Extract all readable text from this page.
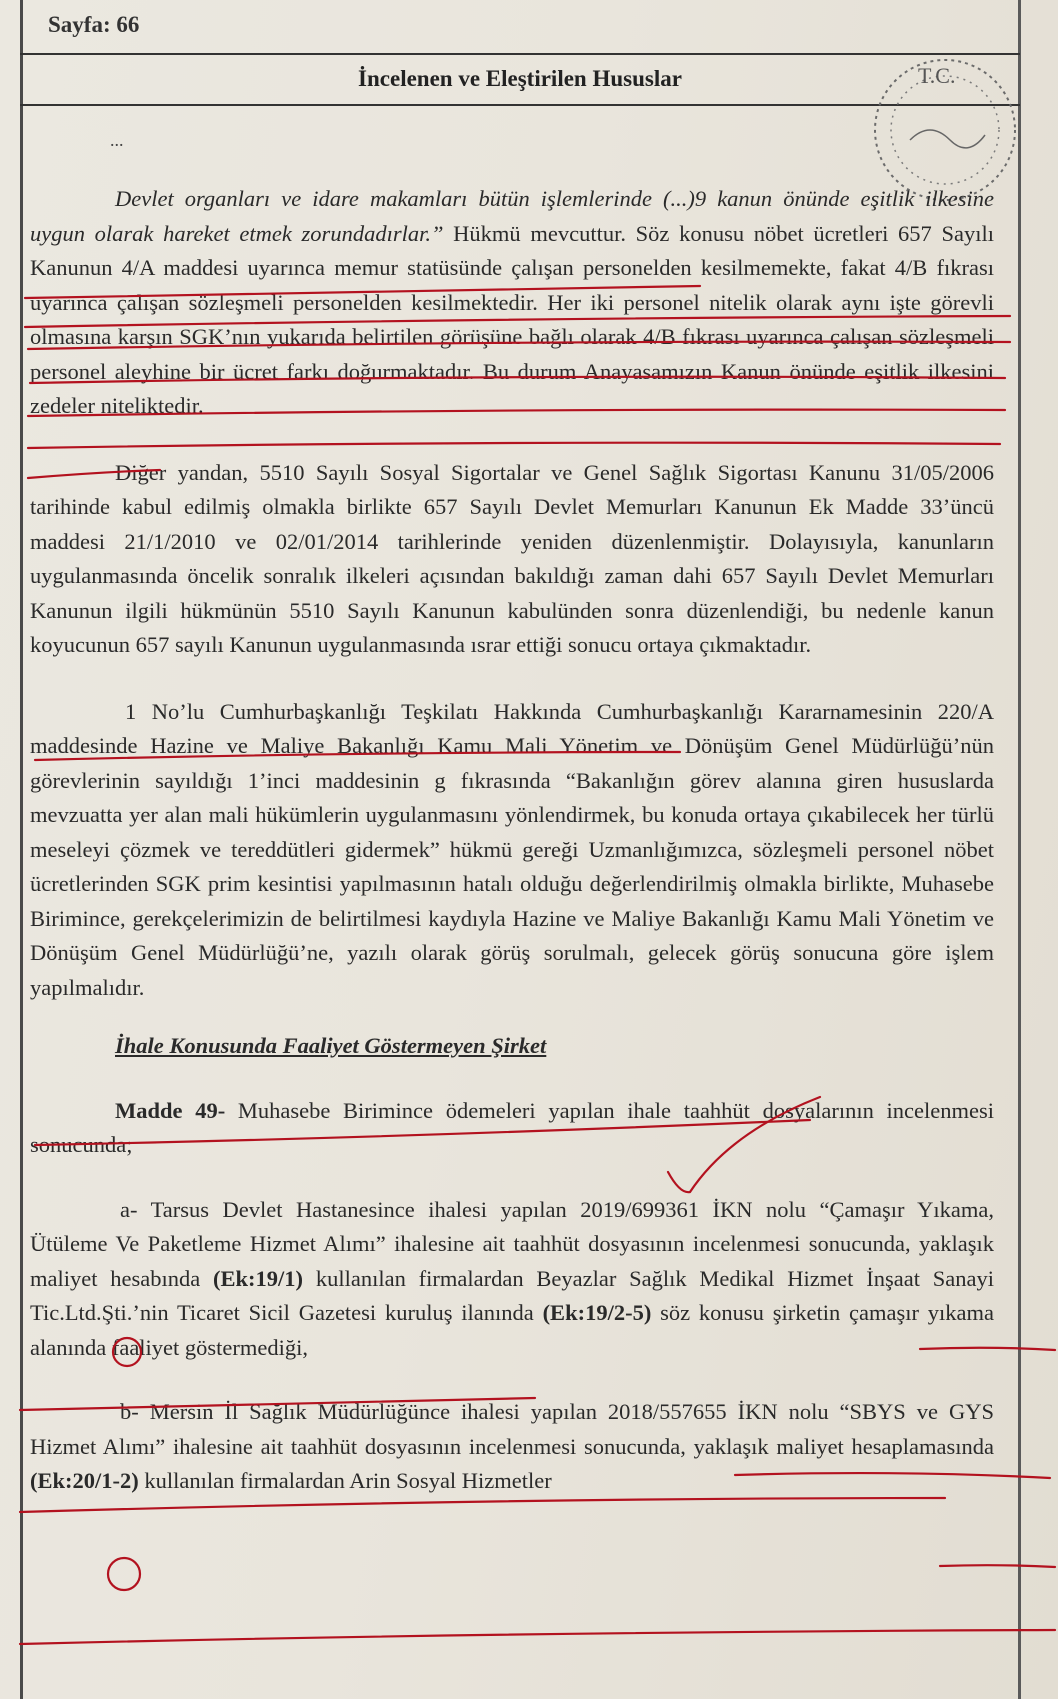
Sayfa: 66
İncelenen ve Eleştirilen Hususlar
...
T.C.

Devlet organları ve idare makamları bütün işlemlerinde (...)9 kanun önünde eşitlik ilkesine uygun olarak hareket etmek zorundadırlar.” Hükmü mevcuttur. Söz konusu nöbet ücretleri 657 Sayılı Kanunun 4/A maddesi uyarınca memur statüsünde çalışan personelden kesilmemekte, fakat 4/B fıkrası uyarınca çalışan sözleşmeli personelden kesilmektedir. Her iki personel nitelik olarak aynı işte görevli olmasına karşın SGK’nın yukarıda belirtilen görüşüne bağlı olarak 4/B fıkrası uyarınca çalışan sözleşmeli personel aleyhine bir ücret farkı doğurmaktadır. Bu durum Anayasamızın Kanun önünde eşitlik ilkesini zedeler niteliktedir.

Diğer yandan, 5510 Sayılı Sosyal Sigortalar ve Genel Sağlık Sigortası Kanunu 31/05/2006 tarihinde kabul edilmiş olmakla birlikte 657 Sayılı Devlet Memurları Kanunun Ek Madde 33’üncü maddesi 21/1/2010 ve 02/01/2014 tarihlerinde yeniden düzenlenmiştir. Dolayısıyla, kanunların uygulanmasında öncelik sonralık ilkeleri açısından bakıldığı zaman dahi 657 Sayılı Devlet Memurları Kanunun ilgili hükmünün 5510 Sayılı Kanunun kabulünden sonra düzenlendiği, bu nedenle kanun koyucunun 657 sayılı Kanunun uygulanmasında ısrar ettiği sonucu ortaya çıkmaktadır.

1 No’lu Cumhurbaşkanlığı Teşkilatı Hakkında Cumhurbaşkanlığı Kararnamesinin 220/A maddesinde Hazine ve Maliye Bakanlığı Kamu Mali Yönetim ve Dönüşüm Genel Müdürlüğü’nün görevlerinin sayıldığı 1’inci maddesinin g fıkrasında “Bakanlığın görev alanına giren hususlarda mevzuatta yer alan mali hükümlerin uygulanmasını yönlendirmek, bu konuda ortaya çıkabilecek her türlü meseleyi çözmek ve tereddütleri gidermek” hükmü gereği Uzmanlığımızca, sözleşmeli personel nöbet ücretlerinden SGK prim kesintisi yapılmasının hatalı olduğu değerlendirilmiş olmakla birlikte, Muhasebe Birimince, gerekçelerimizin de belirtilmesi kaydıyla Hazine ve Maliye Bakanlığı Kamu Mali Yönetim ve Dönüşüm Genel Müdürlüğü’ne, yazılı olarak görüş sorulmalı, gelecek görüş sonucuna göre işlem yapılmalıdır.

İhale Konusunda Faaliyet Göstermeyen Şirket

Madde 49- Muhasebe Birimince ödemeleri yapılan ihale taahhüt dosyalarının incelenmesi sonucunda;

a- Tarsus Devlet Hastanesince ihalesi yapılan 2019/699361 İKN nolu “Çamaşır Yıkama, Ütüleme Ve Paketleme Hizmet Alımı” ihalesine ait taahhüt dosyasının incelenmesi sonucunda, yaklaşık maliyet hesabında (Ek:19/1) kullanılan firmalardan Beyazlar Sağlık Medikal Hizmet İnşaat Sanayi Tic.Ltd.Şti.’nin Ticaret Sicil Gazetesi kuruluş ilanında (Ek:19/2-5) söz konusu şirketin çamaşır yıkama alanında faaliyet göstermediği,

b- Mersin İl Sağlık Müdürlüğünce ihalesi yapılan 2018/557655 İKN nolu “SBYS ve GYS Hizmet Alımı” ihalesine ait taahhüt dosyasının incelenmesi sonucunda, yaklaşık maliyet hesaplamasında (Ek:20/1-2) kullanılan firmalardan Arin Sosyal Hizmetler
